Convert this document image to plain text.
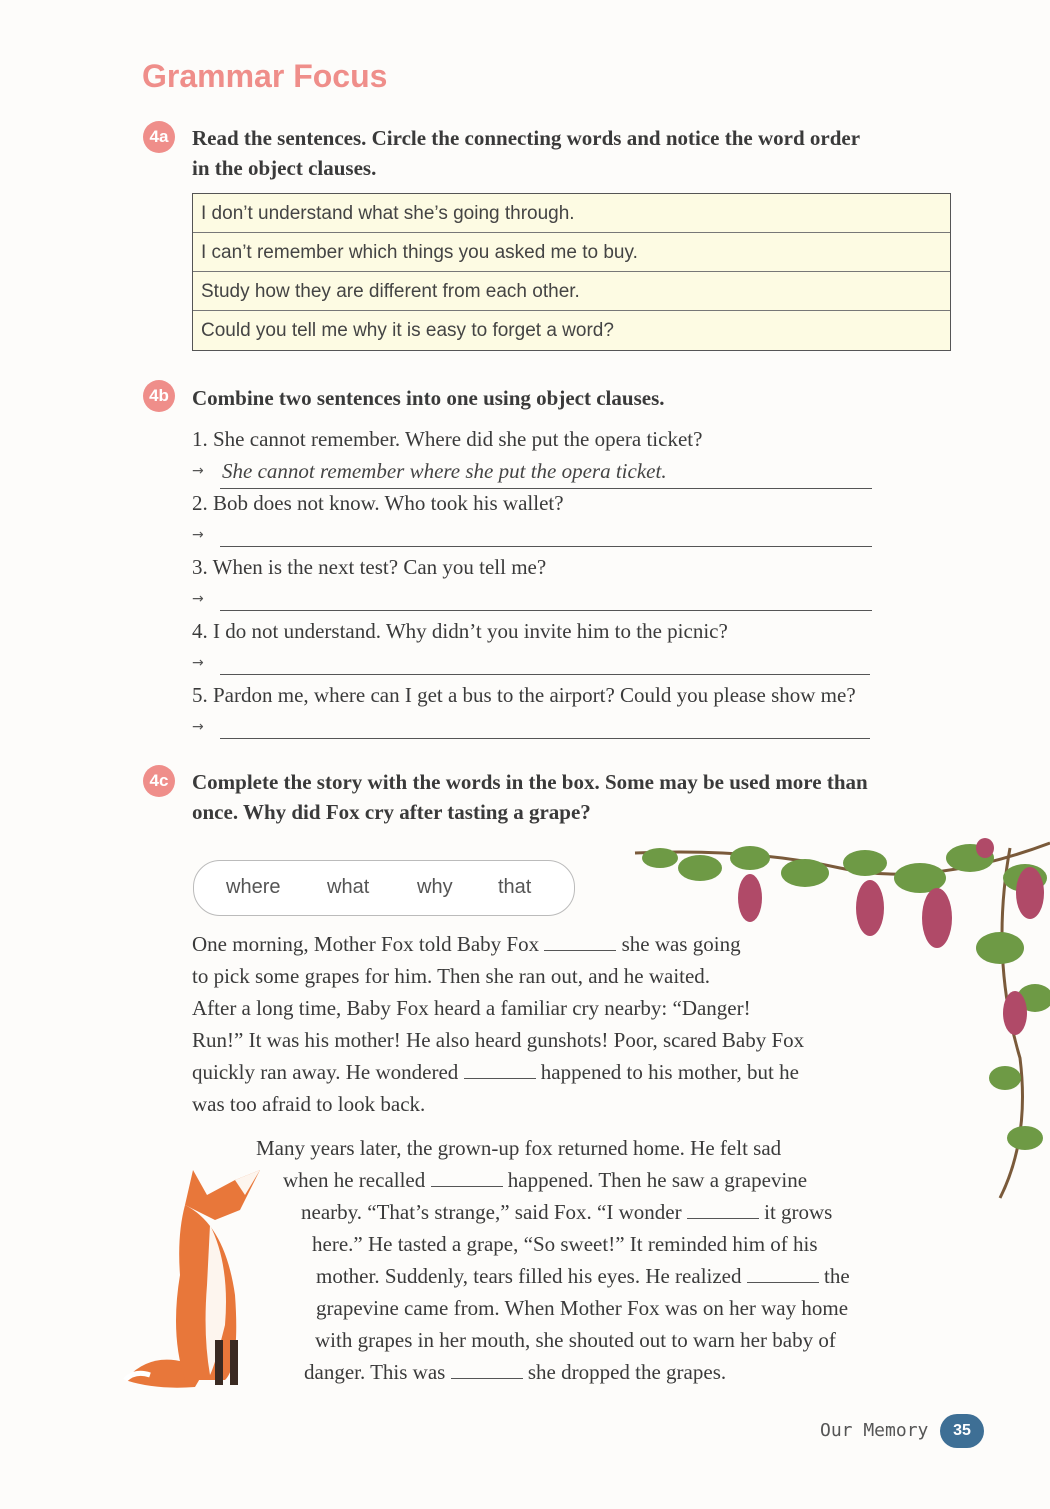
Grammar Focus
4a	Read the sentences. Circle the connecting words and notice the word order
in the object clauses.
I don’t understand what she’s going through.
I can’t remember which things you asked me to buy.
Study how they are different from each other.
Could you tell me why it is easy to forget a word?
4b Combine two sentences into one using object clauses.
1. She cannot remember. Where did she put the opera ticket?
→ She cannot remember where she put the opera ticket.
2. Bob does not know. Who took his wallet?
→
3. When is the next test? Can you tell me?
→
4. I do not understand. Why didn’t you invite him to the picnic?
→
5. Pardon me, where can I get a bus to the airport? Could you please show me?
→
4c	Complete the story with the words in the box. Some may be used more than
once. Why did Fox cry after tasting a grape?
where what why that
One morning, Mother Fox told Baby Fox	she was going
to pick some grapes for him. Then she ran out, and he waited.
After a long time, Baby Fox heard a familiar cry nearby: “Danger!
Run!” It was his mother! He also heard gunshots! Poor, scared Baby Fox
quickly ran away. He wondered	happened to his mother, but he
was too afraid to look back.
Many years later, the grown-up fox returned home. He felt sad
when he recalled	happened. Then he saw a grapevine
nearby. “That’s strange,” said Fox. “I wonder	it grows
here.” He tasted a grape, “So sweet!” It reminded him of his
mother. Suddenly, tears filled his eyes. He realized	the
grapevine came from. When Mother Fox was on her way home
with grapes in her mouth, she shouted out to warn her baby of
danger. This was	she dropped the grapes.
Our Memory	35
